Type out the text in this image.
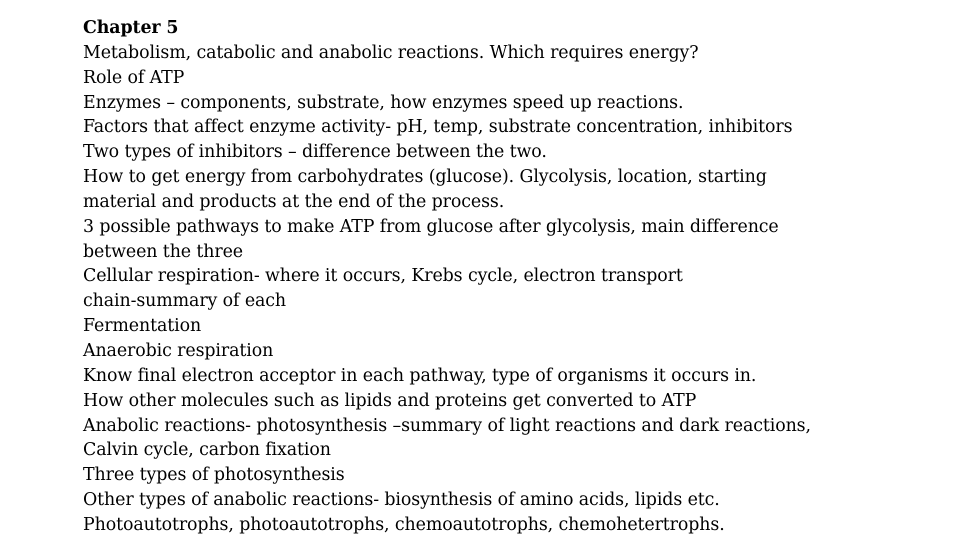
Chapter 5
Metabolism, catabolic and anabolic reactions. Which requires energy?
Role of ATP
Enzymes – components, substrate, how enzymes speed up reactions.
Factors that affect enzyme activity- pH, temp, substrate concentration, inhibitors
Two types of inhibitors – difference between the two.
How to get energy from carbohydrates (glucose). Glycolysis, location, starting
material and products at the end of the process.
3 possible pathways to make ATP from glucose after glycolysis, main difference
between the three
Cellular respiration- where it occurs, Krebs cycle, electron transport
chain-summary of each
Fermentation
Anaerobic respiration
Know final electron acceptor in each pathway, type of organisms it occurs in.
How other molecules such as lipids and proteins get converted to ATP
Anabolic reactions- photosynthesis –summary of light reactions and dark reactions,
Calvin cycle, carbon fixation
Three types of photosynthesis
Other types of anabolic reactions- biosynthesis of amino acids, lipids etc.
Photoautotrophs, photoautotrophs, chemoautotrophs, chemohetertrophs.
